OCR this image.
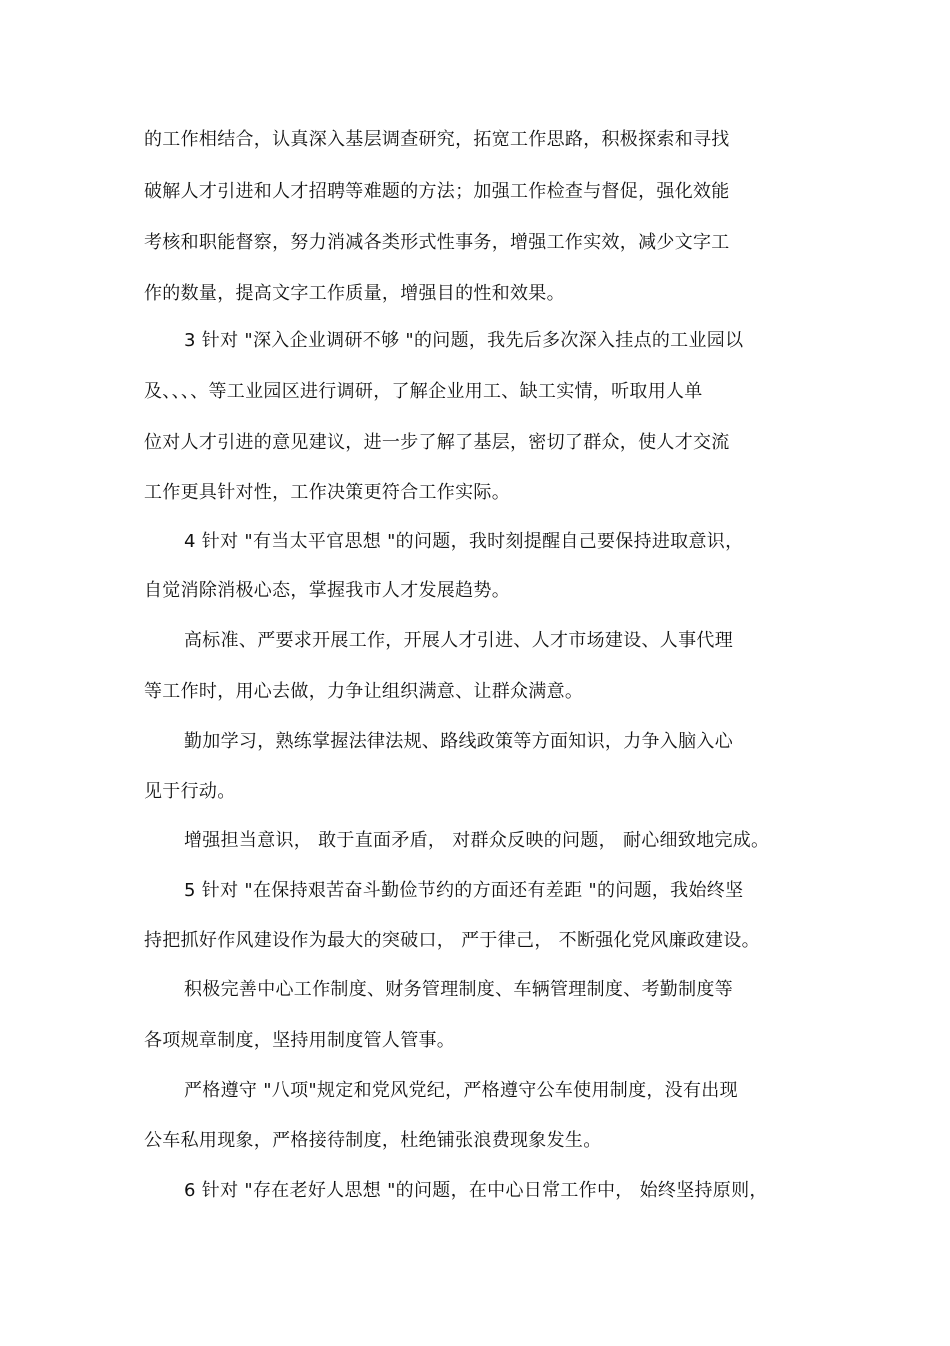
的工作相结合，认真深入基层调查研究，拓宽工作思路，积极探索和寻找
破解人才引进和人才招聘等难题的方法；加强工作检查与督促，强化效能
考核和职能督察，努力消减各类形式性事务，增强工作实效，减少文字工
作的数量，提高文字工作质量，增强目的性和效果。
3 针对 "深入企业调研不够 "的问题，我先后多次深入挂点的工业园以
及、、、、等工业园区进行调研，了解企业用工、缺工实情，听取用人单
位对人才引进的意见建议，进一步了解了基层，密切了群众，使人才交流
工作更具针对性，工作决策更符合工作实际。
4 针对 "有当太平官思想 "的问题，我时刻提醒自己要保持进取意识，
自觉消除消极心态，掌握我市人才发展趋势。
高标准、严要求开展工作，开展人才引进、人才市场建设、人事代理
等工作时，用心去做，力争让组织满意、让群众满意。
勤加学习，熟练掌握法律法规、路线政策等方面知识，力争入脑入心
见于行动。
增强担当意识， 敢于直面矛盾， 对群众反映的问题， 耐心细致地完成。
5 针对 "在保持艰苦奋斗勤俭节约的方面还有差距 "的问题，我始终坚
持把抓好作风建设作为最大的突破口， 严于律己， 不断强化党风廉政建设。
积极完善中心工作制度、财务管理制度、车辆管理制度、考勤制度等
各项规章制度，坚持用制度管人管事。
严格遵守 "八项"规定和党风党纪，严格遵守公车使用制度，没有出现
公车私用现象，严格接待制度，杜绝铺张浪费现象发生。
6 针对 "存在老好人思想 "的问题，在中心日常工作中， 始终坚持原则，
